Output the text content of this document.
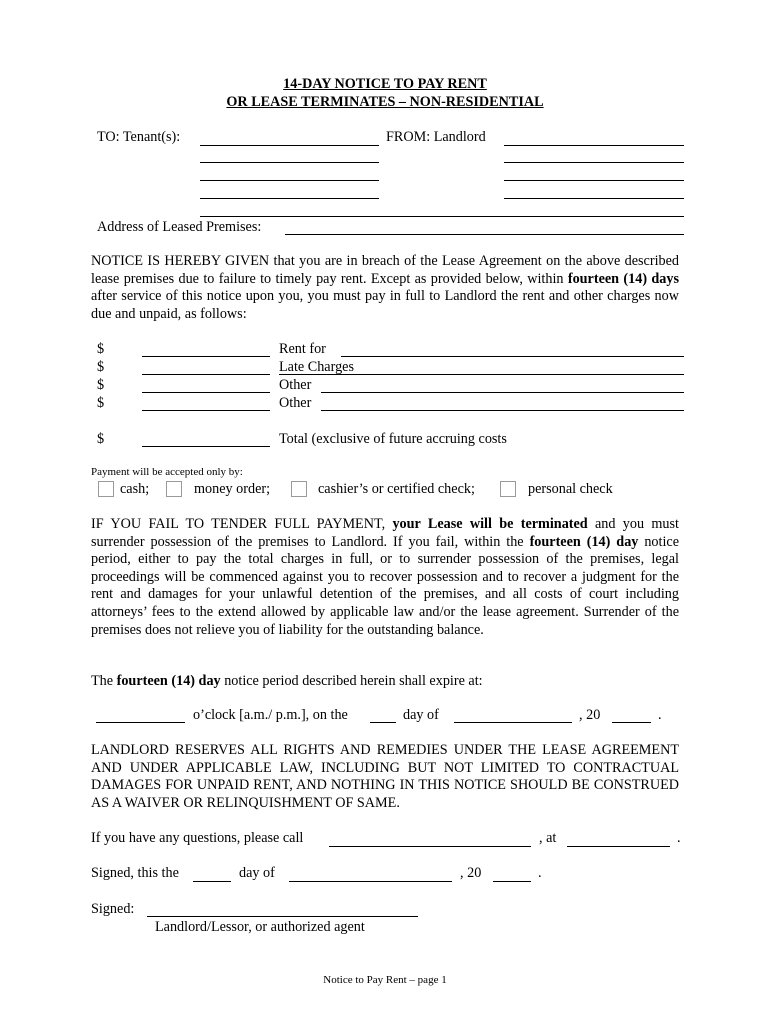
14-DAY NOTICE TO PAY RENT
OR LEASE TERMINATES – NON-RESIDENTIAL
TO: Tenant(s):	FROM: Landlord
Address of Leased Premises:
NOTICE IS HEREBY GIVEN that you are in breach of the Lease Agreement on the above described lease premises due to failure to timely pay rent. Except as provided below, within fourteen (14) days after service of this notice upon you, you must pay in full to Landlord the rent and other charges now due and unpaid, as follows:
$	Rent for
$	Late Charges
$	Other
$	Other
$	Total (exclusive of future accruing costs
Payment will be accepted only by:
cash;	money order;	cashier’s or certified check;	personal check
IF YOU FAIL TO TENDER FULL PAYMENT, your Lease will be terminated and you must surrender possession of the premises to Landlord. If you fail, within the fourteen (14) day notice period, either to pay the total charges in full, or to surrender possession of the premises, legal proceedings will be commenced against you to recover possession and to recover a judgment for the rent and damages for your unlawful detention of the premises, and all costs of court including attorneys’ fees to the extend allowed by applicable law and/or the lease agreement. Surrender of the premises does not relieve you of liability for the outstanding balance.
The fourteen (14) day notice period described herein shall expire at:
o’clock [a.m./ p.m.], on the	day of	, 20	.
LANDLORD RESERVES ALL RIGHTS AND REMEDIES UNDER THE LEASE AGREEMENT AND UNDER APPLICABLE LAW, INCLUDING BUT NOT LIMITED TO CONTRACTUAL DAMAGES FOR UNPAID RENT, AND NOTHING IN THIS NOTICE SHOULD BE CONSTRUED AS A WAIVER OR RELINQUISHMENT OF SAME.
If you have any questions, please call	, at	.
Signed, this the	day of	, 20	.
Signed:
Landlord/Lessor, or authorized agent
Notice to Pay Rent – page 1
